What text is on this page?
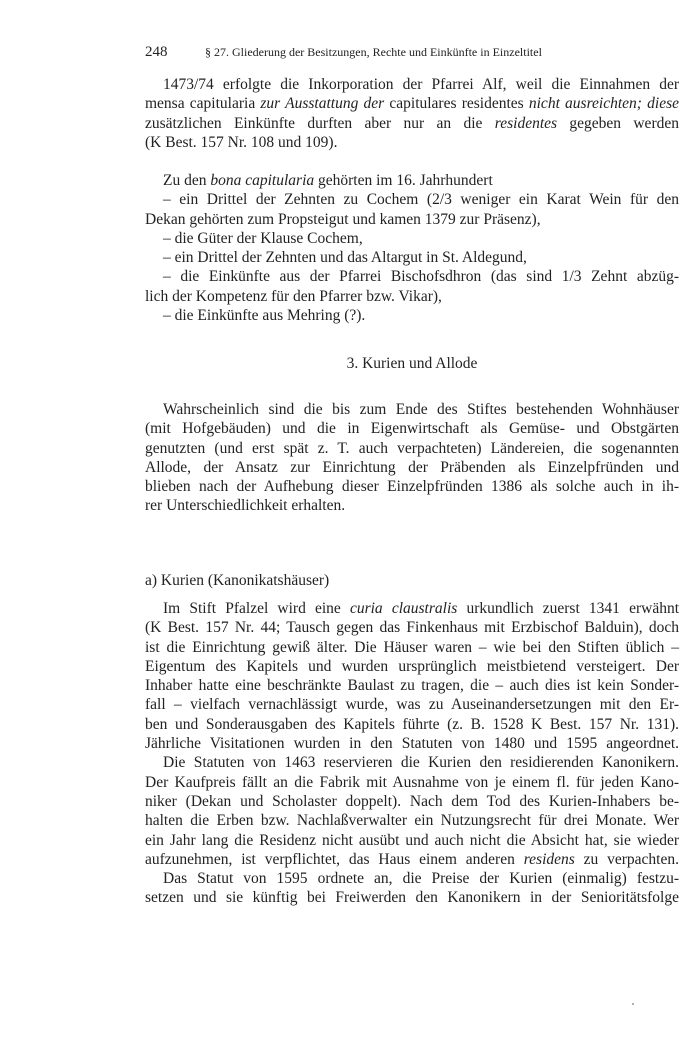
248	§ 27. Gliederung der Besitzungen, Rechte und Einkünfte in Einzeltitel
1473/74 erfolgte die Inkorporation der Pfarrei Alf, weil die Einnahmen der
mensa capitularia zur Ausstattung der capitulares residentes nicht ausreichten; diese
zusätzlichen Einkünfte durften aber nur an die residentes gegeben werden
(K Best. 157 Nr. 108 und 109).
Zu den bona capitularia gehörten im 16. Jahrhundert
– ein Drittel der Zehnten zu Cochem (2/3 weniger ein Karat Wein für den
Dekan gehörten zum Propsteigut und kamen 1379 zur Präsenz),
– die Güter der Klause Cochem,
– ein Drittel der Zehnten und das Altargut in St. Aldegund,
– die Einkünfte aus der Pfarrei Bischofsdhron (das sind 1/3 Zehnt abzüg-
lich der Kompetenz für den Pfarrer bzw. Vikar),
– die Einkünfte aus Mehring (?).
3. Kurien und Allode
Wahrscheinlich sind die bis zum Ende des Stiftes bestehenden Wohnhäuser
(mit Hofgebäuden) und die in Eigenwirtschaft als Gemüse- und Obstgärten
genutzten (und erst spät z. T. auch verpachteten) Ländereien, die sogenannten
Allode, der Ansatz zur Einrichtung der Präbenden als Einzelpfründen und
blieben nach der Aufhebung dieser Einzelpfründen 1386 als solche auch in ih-
rer Unterschiedlichkeit erhalten.
a) Kurien (Kanonikatshäuser)
Im Stift Pfalzel wird eine curia claustralis urkundlich zuerst 1341 erwähnt
(K Best. 157 Nr. 44; Tausch gegen das Finkenhaus mit Erzbischof Balduin), doch
ist die Einrichtung gewiß älter. Die Häuser waren – wie bei den Stiften üblich –
Eigentum des Kapitels und wurden ursprünglich meistbietend versteigert. Der
Inhaber hatte eine beschränkte Baulast zu tragen, die – auch dies ist kein Sonder-
fall – vielfach vernachlässigt wurde, was zu Auseinandersetzungen mit den Er-
ben und Sonderausgaben des Kapitels führte (z. B. 1528 K Best. 157 Nr. 131).
Jährliche Visitationen wurden in den Statuten von 1480 und 1595 angeordnet.
Die Statuten von 1463 reservieren die Kurien den residierenden Kanonikern.
Der Kaufpreis fällt an die Fabrik mit Ausnahme von je einem fl. für jeden Kano-
niker (Dekan und Scholaster doppelt). Nach dem Tod des Kurien-Inhabers be-
halten die Erben bzw. Nachlaßverwalter ein Nutzungsrecht für drei Monate. Wer
ein Jahr lang die Residenz nicht ausübt und auch nicht die Absicht hat, sie wieder
aufzunehmen, ist verpflichtet, das Haus einem anderen residens zu verpachten.
Das Statut von 1595 ordnete an, die Preise der Kurien (einmalig) festzu-
setzen und sie künftig bei Freiwerden den Kanonikern in der Senioritätsfolge
